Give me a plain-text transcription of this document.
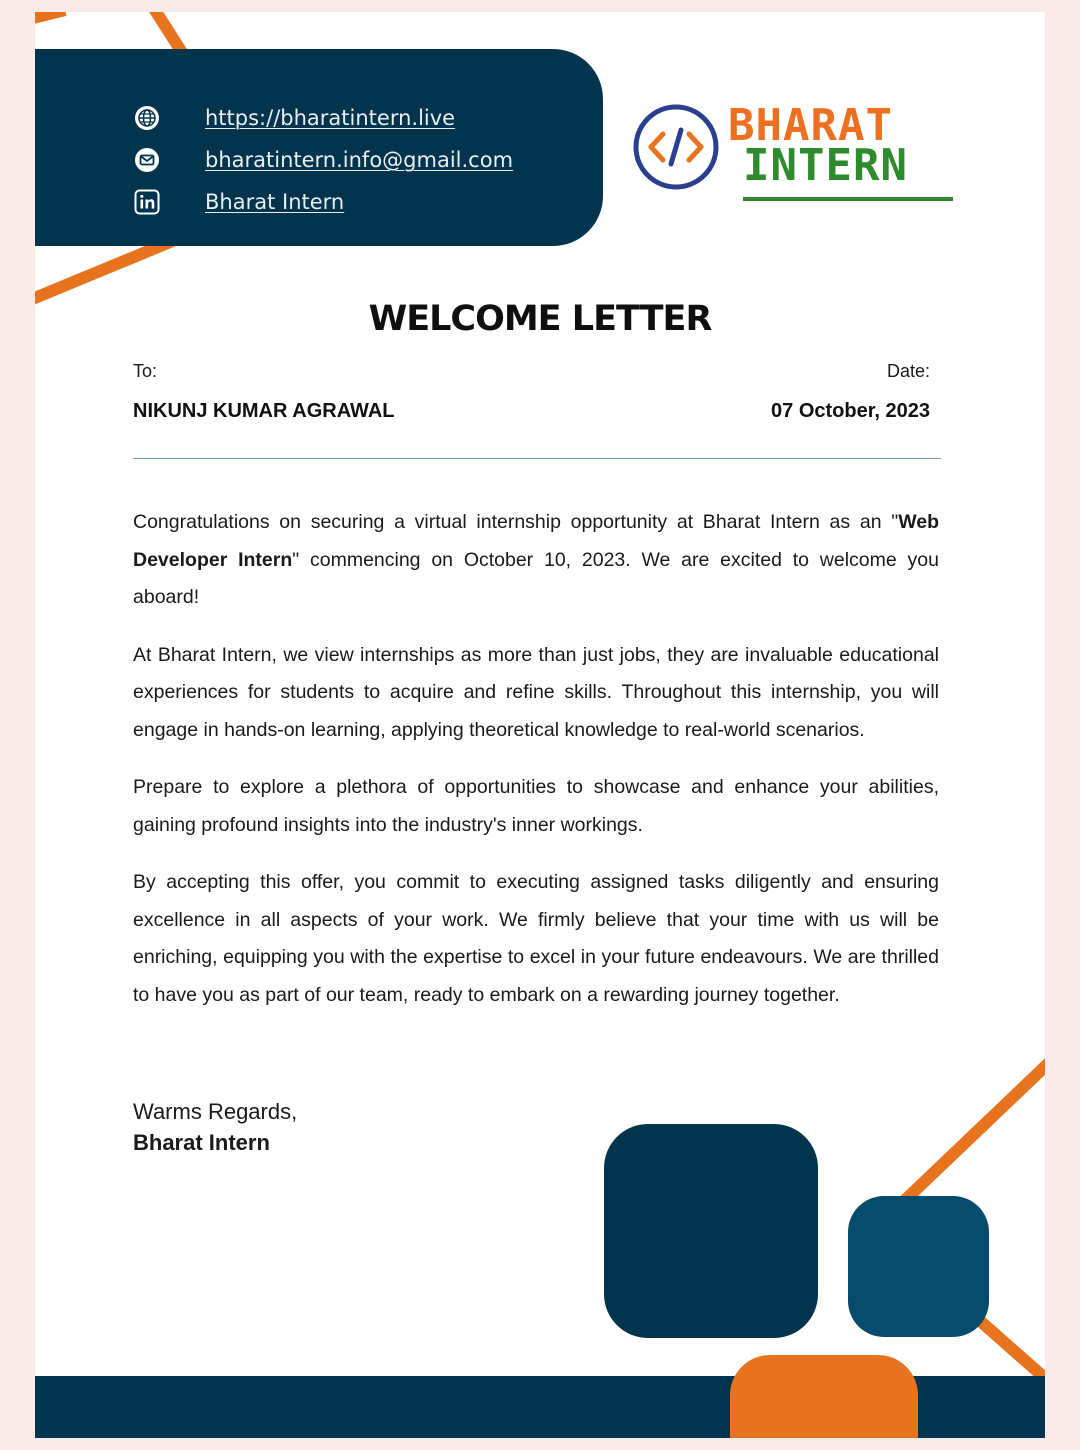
https://bharatintern.live
bharatintern.info@gmail.com
Bharat Intern
BHARAT
INTERN
WELCOME LETTER
To:	Date:
NIKUNJ KUMAR AGRAWAL	07 October, 2023

Congratulations on securing a virtual internship opportunity at Bharat Intern as an "Web Developer Intern" commencing on October 10, 2023. We are excited to welcome you aboard!

At Bharat Intern, we view internships as more than just jobs, they are invaluable educational experiences for students to acquire and refine skills. Throughout this internship, you will engage in hands-on learning, applying theoretical knowledge to real-world scenarios.

Prepare to explore a plethora of opportunities to showcase and enhance your abilities, gaining profound insights into the industry's inner workings.

By accepting this offer, you commit to executing assigned tasks diligently and ensuring excellence in all aspects of your work. We firmly believe that your time with us will be enriching, equipping you with the expertise to excel in your future endeavours. We are thrilled to have you as part of our team, ready to embark on a rewarding journey together.

Warms Regards,
Bharat Intern
